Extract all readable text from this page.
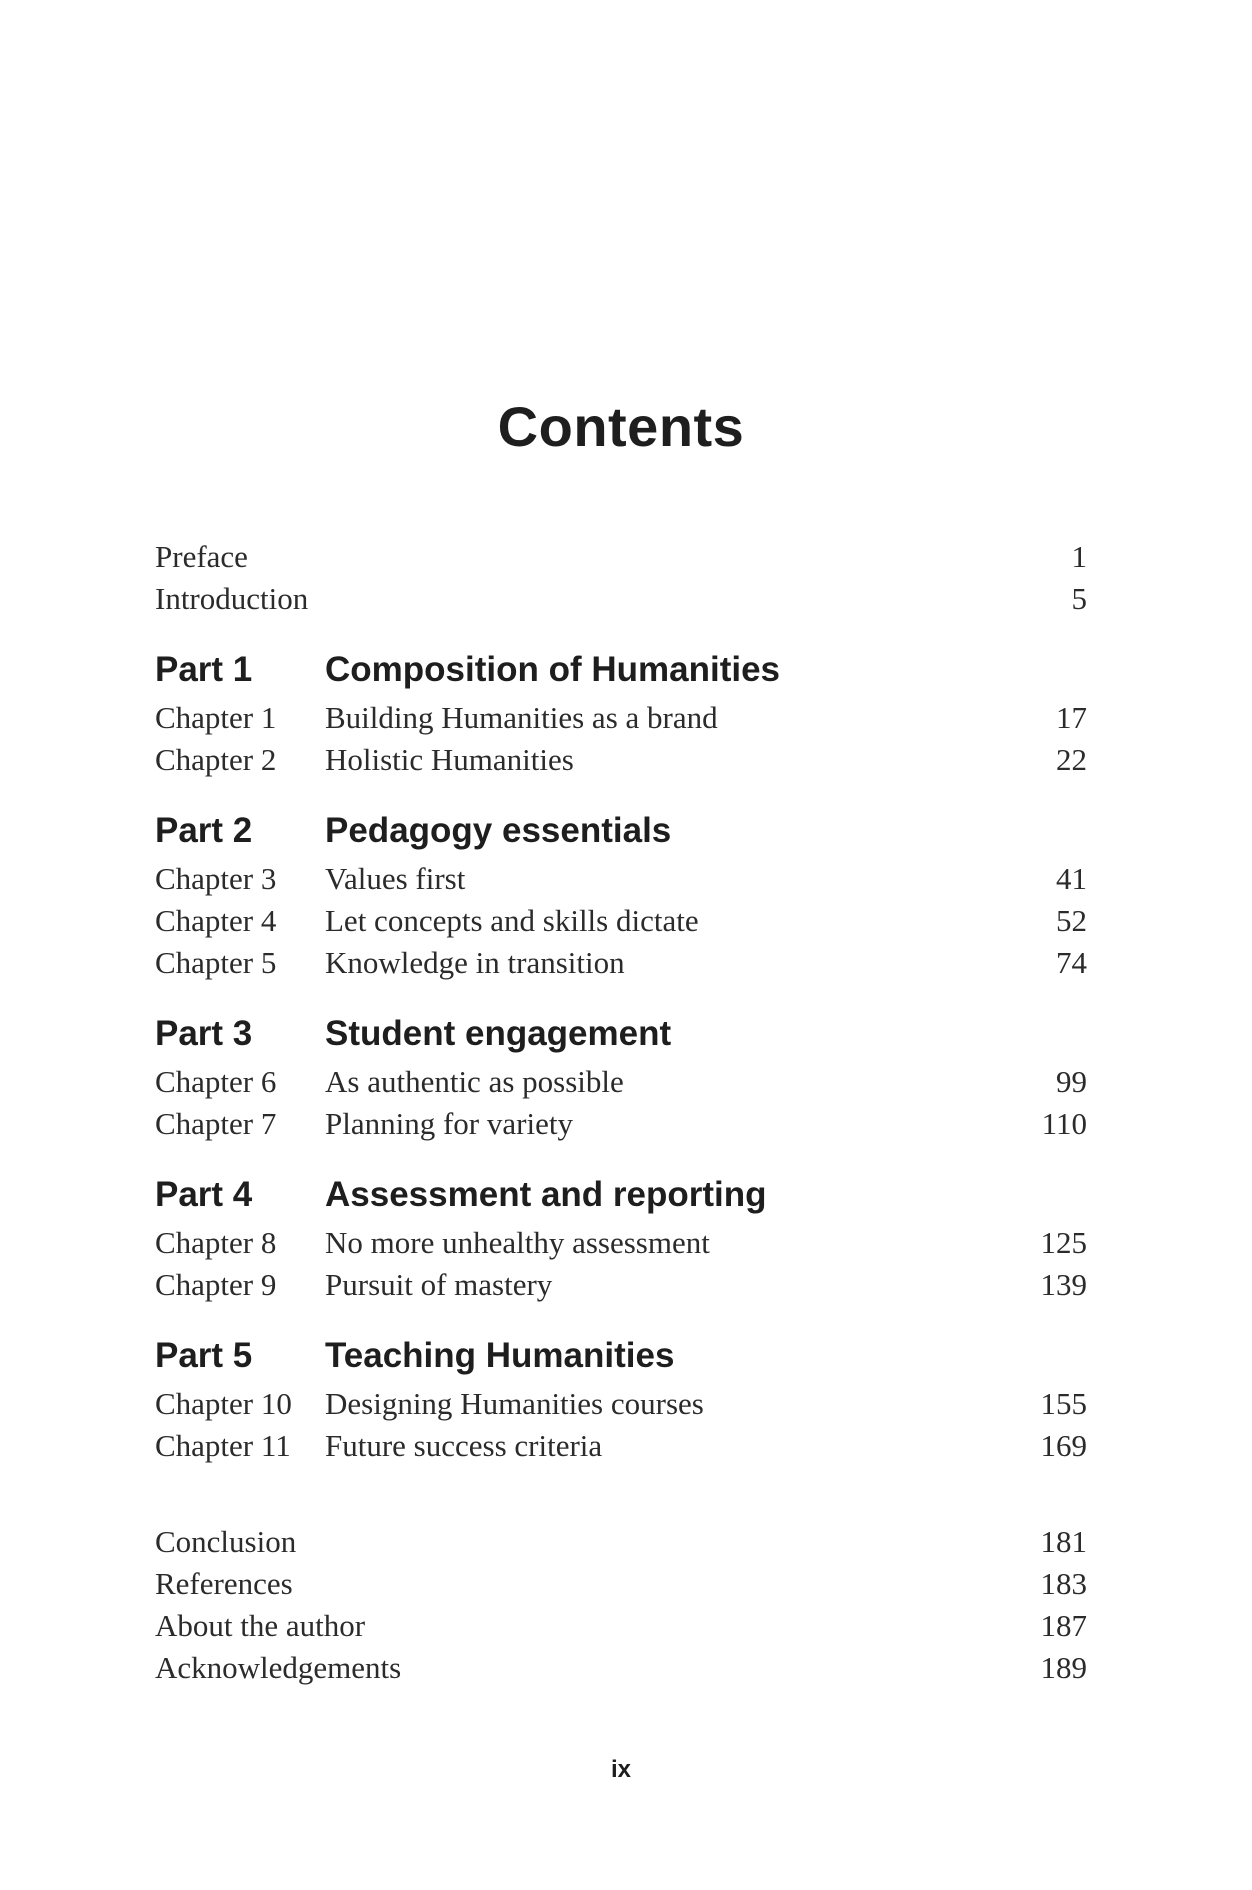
Contents
Preface	1
Introduction	5
Part 1	Composition of Humanities
Chapter 1	Building Humanities as a brand	17
Chapter 2	Holistic Humanities	22
Part 2	Pedagogy essentials
Chapter 3	Values first	41
Chapter 4	Let concepts and skills dictate	52
Chapter 5	Knowledge in transition	74
Part 3	Student engagement
Chapter 6	As authentic as possible	99
Chapter 7	Planning for variety	110
Part 4	Assessment and reporting
Chapter 8	No more unhealthy assessment	125
Chapter 9	Pursuit of mastery	139
Part 5	Teaching Humanities
Chapter 10	Designing Humanities courses	155
Chapter 11	Future success criteria	169
Conclusion	181
References	183
About the author	187
Acknowledgements	189
ix
